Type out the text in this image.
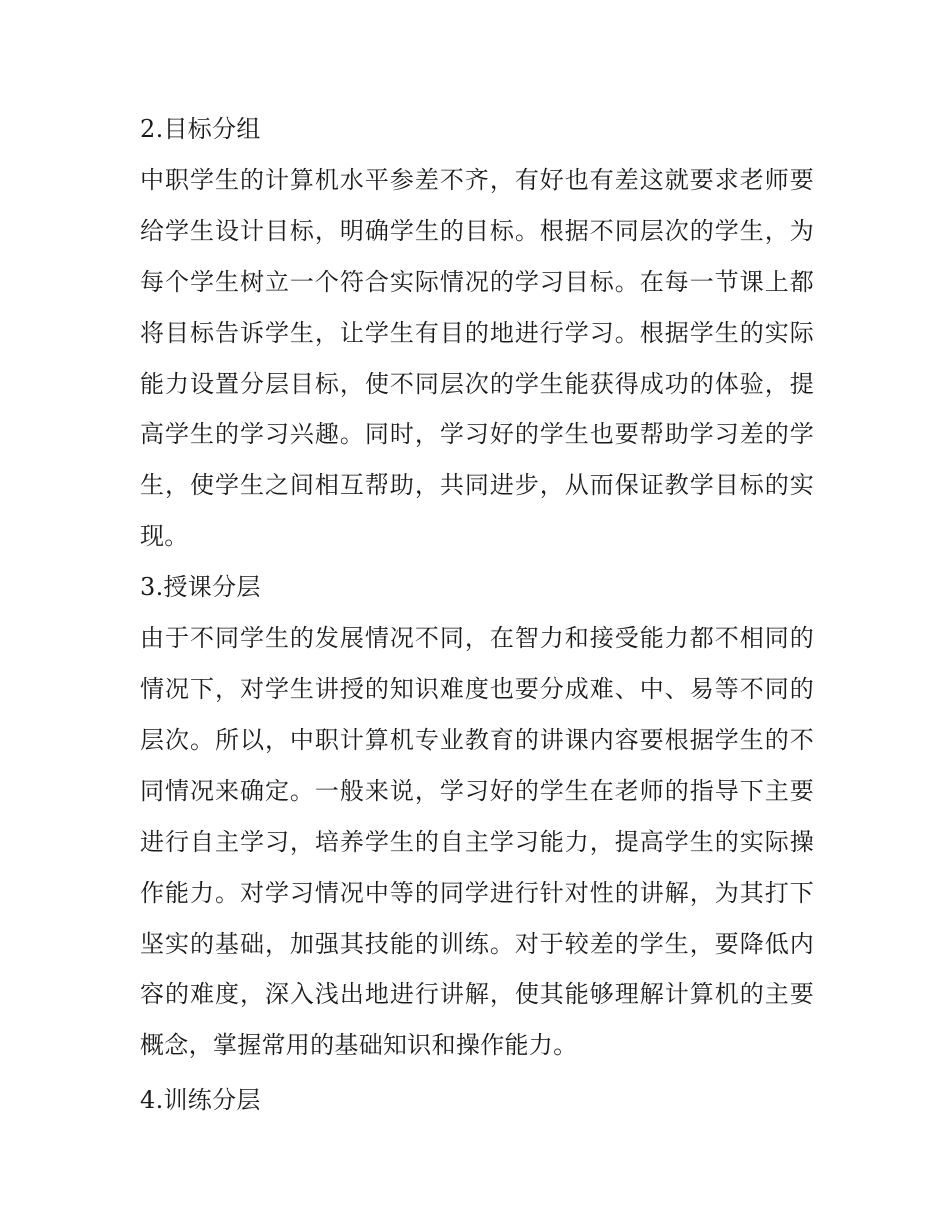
2.目标分组

中职学生的计算机水平参差不齐，有好也有差这就要求老师要给学生设计目标，明确学生的目标。根据不同层次的学生，为每个学生树立一个符合实际情况的学习目标。在每一节课上都将目标告诉学生，让学生有目的地进行学习。根据学生的实际能力设置分层目标，使不同层次的学生能获得成功的体验，提高学生的学习兴趣。同时，学习好的学生也要帮助学习差的学生，使学生之间相互帮助，共同进步，从而保证教学目标的实现。

3.授课分层

由于不同学生的发展情况不同，在智力和接受能力都不相同的情况下，对学生讲授的知识难度也要分成难、中、易等不同的层次。所以，中职计算机专业教育的讲课内容要根据学生的不同情况来确定。一般来说，学习好的学生在老师的指导下主要进行自主学习，培养学生的自主学习能力，提高学生的实际操作能力。对学习情况中等的同学进行针对性的讲解，为其打下坚实的基础，加强其技能的训练。对于较差的学生，要降低内容的难度，深入浅出地进行讲解，使其能够理解计算机的主要概念，掌握常用的基础知识和操作能力。

4.训练分层
